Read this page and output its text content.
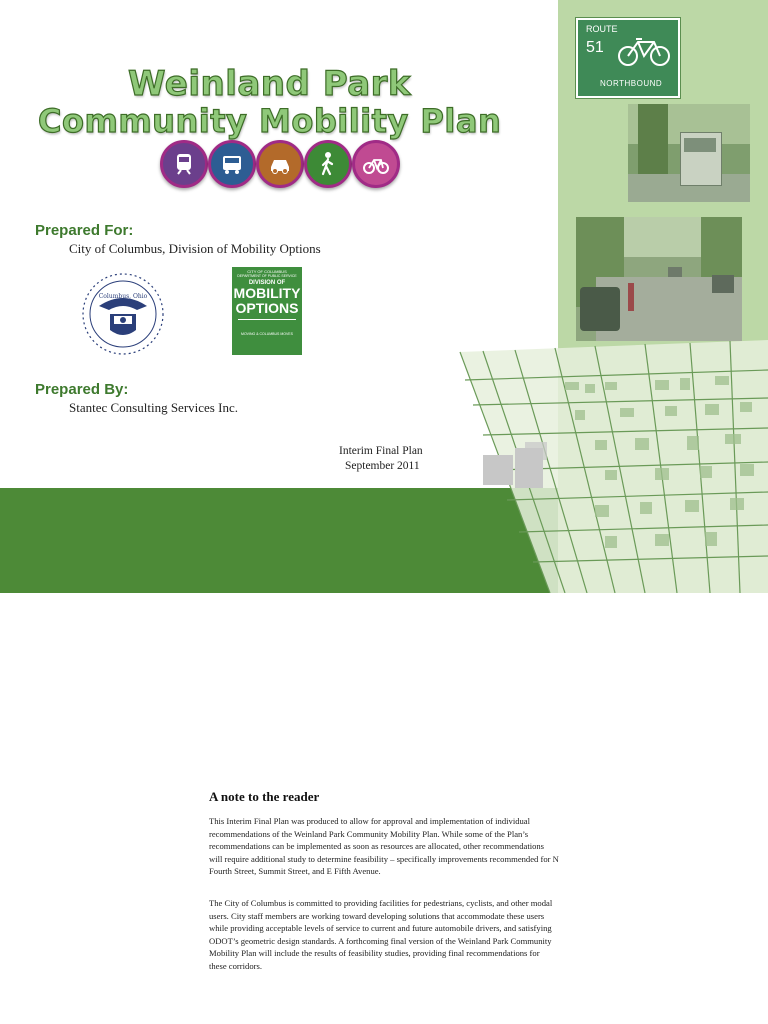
Weinland Park
Community Mobility Plan
Prepared For:
City of Columbus, Division of Mobility Options
Columbus, Ohio
CITY OF COLUMBUS
DEPARTMENT OF PUBLIC SERVICE
DIVISION OF
MOBILITY
OPTIONS
MOVING & COLUMBUS MOVES
Prepared By:
Stantec Consulting Services Inc.
Interim Final Plan
September 2011
ROUTE
51
NORTHBOUND
A note to the reader

This Interim Final Plan was produced to allow for approval and implementation of individual recommendations of the Weinland Park Community Mobility Plan. While some of the Plan’s recommendations can be implemented as soon as resources are allocated, other recommendations will require additional study to determine feasibility – specifically improvements recommended for N Fourth Street, Summit Street, and E Fifth Avenue.

The City of Columbus is committed to providing facilities for pedestrians, cyclists, and other modal users. City staff members are working toward developing solutions that accommodate these users while providing acceptable levels of service to current and future automobile drivers, and satisfying ODOT’s geometric design standards. A forthcoming final version of the Weinland Park Community Mobility Plan will include the results of feasibility studies, providing final recommendations for these corridors.
